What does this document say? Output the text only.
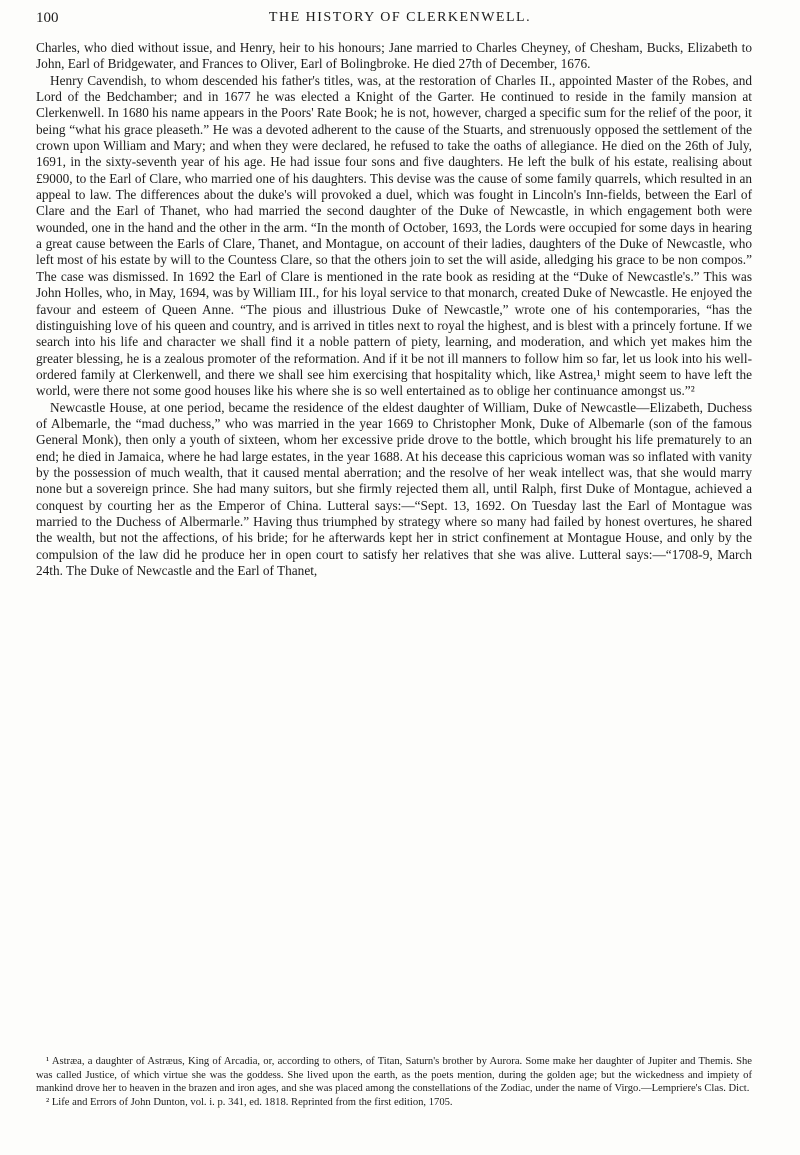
100	THE HISTORY OF CLERKENWELL.

Charles, who died without issue, and Henry, heir to his honours; Jane married to Charles Cheyney, of Chesham, Bucks, Elizabeth to John, Earl of Bridgewater, and Frances to Oliver, Earl of Bolingbroke. He died 27th of December, 1676.

Henry Cavendish, to whom descended his father's titles, was, at the restoration of Charles II., appointed Master of the Robes, and Lord of the Bedchamber; and in 1677 he was elected a Knight of the Garter. He continued to reside in the family mansion at Clerkenwell. In 1680 his name appears in the Poors' Rate Book; he is not, however, charged a specific sum for the relief of the poor, it being “what his grace pleaseth.” He was a devoted adherent to the cause of the Stuarts, and strenuously opposed the settlement of the crown upon William and Mary; and when they were declared, he refused to take the oaths of allegiance. He died on the 26th of July, 1691, in the sixty-seventh year of his age. He had issue four sons and five daughters. He left the bulk of his estate, realising about £9000, to the Earl of Clare, who married one of his daughters. This devise was the cause of some family quarrels, which resulted in an appeal to law. The differences about the duke's will provoked a duel, which was fought in Lincoln's Inn-fields, between the Earl of Clare and the Earl of Thanet, who had married the second daughter of the Duke of Newcastle, in which engagement both were wounded, one in the hand and the other in the arm. “In the month of October, 1693, the Lords were occupied for some days in hearing a great cause between the Earls of Clare, Thanet, and Montague, on account of their ladies, daughters of the Duke of Newcastle, who left most of his estate by will to the Countess Clare, so that the others join to set the will aside, alledging his grace to be non compos.” The case was dismissed. In 1692 the Earl of Clare is mentioned in the rate book as residing at the “Duke of Newcastle's.” This was John Holles, who, in May, 1694, was by William III., for his loyal service to that monarch, created Duke of Newcastle. He enjoyed the favour and esteem of Queen Anne. “The pious and illustrious Duke of Newcastle,” wrote one of his contemporaries, “has the distinguishing love of his queen and country, and is arrived in titles next to royal the highest, and is blest with a princely fortune. If we search into his life and character we shall find it a noble pattern of piety, learning, and moderation, and which yet makes him the greater blessing, he is a zealous promoter of the reformation. And if it be not ill manners to follow him so far, let us look into his well-ordered family at Clerkenwell, and there we shall see him exercising that hospitality which, like Astrea,¹ might seem to have left the world, were there not some good houses like his where she is so well entertained as to oblige her continuance amongst us.”²

Newcastle House, at one period, became the residence of the eldest daughter of William, Duke of Newcastle—Elizabeth, Duchess of Albemarle, the “mad duchess,” who was married in the year 1669 to Christopher Monk, Duke of Albemarle (son of the famous General Monk), then only a youth of sixteen, whom her excessive pride drove to the bottle, which brought his life prematurely to an end; he died in Jamaica, where he had large estates, in the year 1688. At his decease this capricious woman was so inflated with vanity by the possession of much wealth, that it caused mental aberration; and the resolve of her weak intellect was, that she would marry none but a sovereign prince. She had many suitors, but she firmly rejected them all, until Ralph, first Duke of Montague, achieved a conquest by courting her as the Emperor of China. Lutteral says:—“Sept. 13, 1692. On Tuesday last the Earl of Montague was married to the Duchess of Albermarle.” Having thus triumphed by strategy where so many had failed by honest overtures, he shared the wealth, but not the affections, of his bride; for he afterwards kept her in strict confinement at Montague House, and only by the compulsion of the law did he produce her in open court to satisfy her relatives that she was alive. Lutteral says:—“1708-9, March 24th. The Duke of Newcastle and the Earl of Thanet,

¹ Astræa, a daughter of Astræus, King of Arcadia, or, according to others, of Titan, Saturn's brother by Aurora. Some make her daughter of Jupiter and Themis. She was called Justice, of which virtue she was the goddess. She lived upon the earth, as the poets mention, during the golden age; but the wickedness and impiety of mankind drove her to heaven in the brazen and iron ages, and she was placed among the constellations of the Zodiac, under the name of Virgo.—Lempriere's Clas. Dict.

² Life and Errors of John Dunton, vol. i. p. 341, ed. 1818. Reprinted from the first edition, 1705.
